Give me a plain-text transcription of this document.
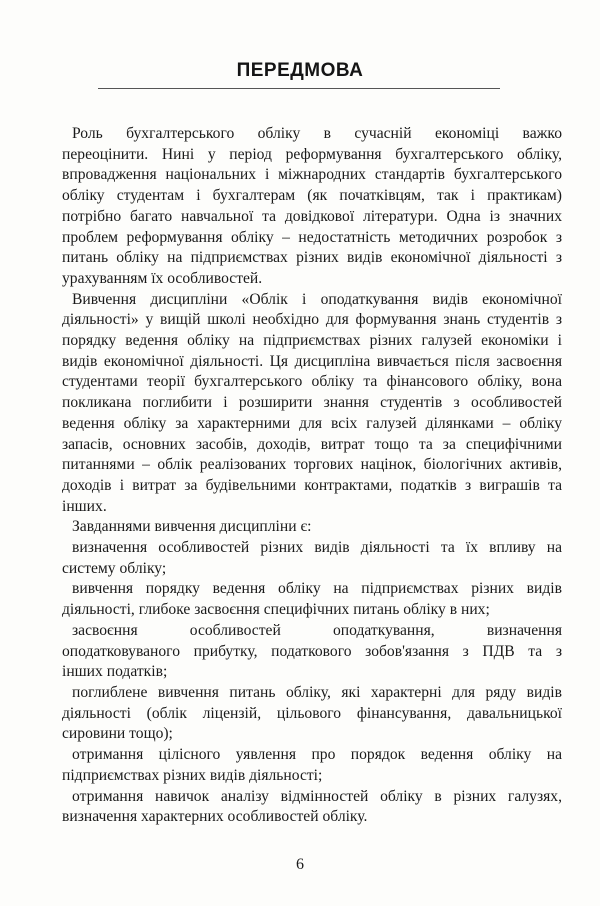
ПЕРЕДМОВА
Роль бухгалтерського обліку в сучасній економіці важко
переоцінити. Нині у період реформування бухгалтерського обліку,
впровадження національних і міжнародних стандартів бухгалтерського
обліку студентам і бухгалтерам (як початківцям, так і практикам)
потрібно багато навчальної та довідкової літератури. Одна із значних
проблем реформування обліку – недостатність методичних розробок з
питань обліку на підприємствах різних видів економічної діяльності з
урахуванням їх особливостей.
Вивчення дисципліни «Облік і оподаткування видів економічної
діяльності» у вищій школі необхідно для формування знань студентів з
порядку ведення обліку на підприємствах різних галузей економіки і
видів економічної діяльності. Ця дисципліна вивчається після засвоєння
студентами теорії бухгалтерського обліку та фінансового обліку, вона
покликана поглибити і розширити знання студентів з особливостей
ведення обліку за характерними для всіх галузей ділянками – обліку
запасів, основних засобів, доходів, витрат тощо та за специфічними
питаннями – облік реалізованих торгових націнок, біологічних активів,
доходів і витрат за будівельними контрактами, податків з виграшів та
інших.
Завданнями вивчення дисципліни є:
визначення особливостей різних видів діяльності та їх впливу на
систему обліку;
вивчення порядку ведення обліку на підприємствах різних видів
діяльності, глибоке засвоєння специфічних питань обліку в них;
засвоєння особливостей оподаткування, визначення
оподатковуваного прибутку, податкового зобов'язання з ПДВ та з
інших податків;
поглиблене вивчення питань обліку, які характерні для ряду видів
діяльності (облік ліцензій, цільового фінансування, давальницької
сировини тощо);
отримання цілісного уявлення про порядок ведення обліку на
підприємствах різних видів діяльності;
отримання навичок аналізу відмінностей обліку в різних галузях,
визначення характерних особливостей обліку.
6
